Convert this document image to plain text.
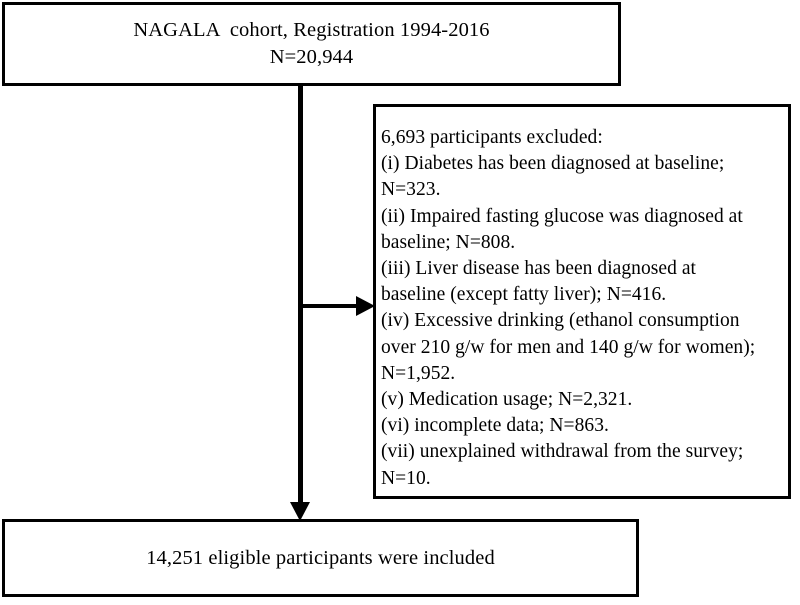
NAGALA  cohort, Registration 1994-2016
N=20,944
6,693 participants excluded:
(i) Diabetes has been diagnosed at baseline;
N=323.
(ii) Impaired fasting glucose was diagnosed at
baseline; N=808.
(iii) Liver disease has been diagnosed at
baseline (except fatty liver); N=416.
(iv) Excessive drinking (ethanol consumption
over 210 g/w for men and 140 g/w for women);
N=1,952.
(v) Medication usage; N=2,321.
(vi) incomplete data; N=863.
(vii) unexplained withdrawal from the survey;
N=10.
14,251 eligible participants were included
